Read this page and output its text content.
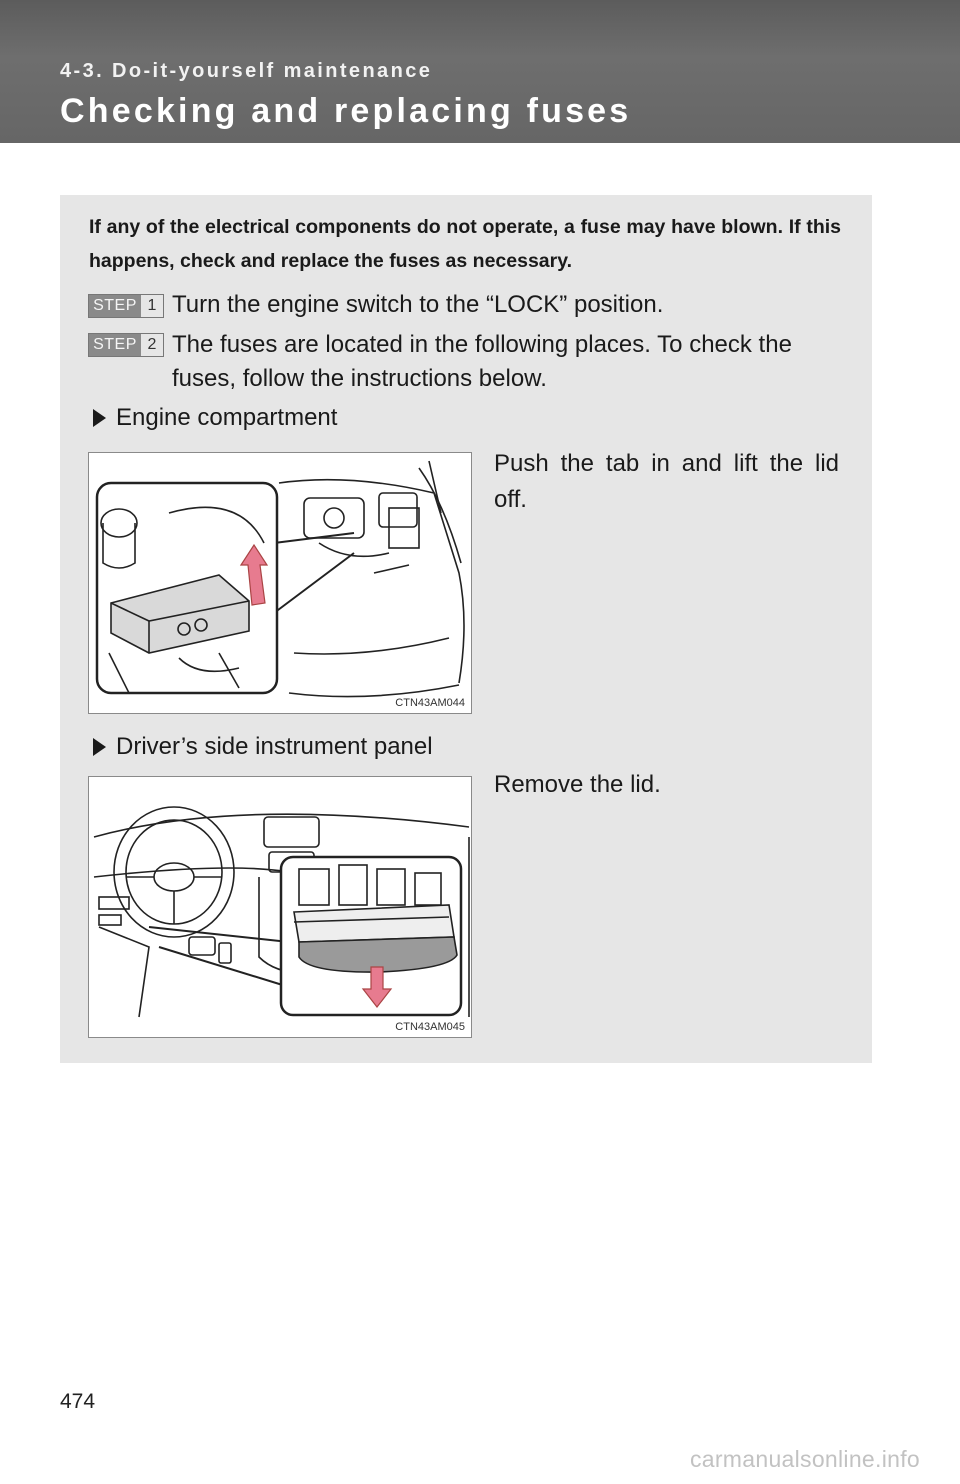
4-3. Do-it-yourself maintenance
Checking and replacing fuses

If any of the electrical components do not operate, a fuse may have blown. If this happens, check and replace the fuses as necessary.

STEP 1 Turn the engine switch to the “LOCK” position.

STEP 2 The fuses are located in the following places. To check the

fuses, follow the instructions below.

Engine compartment
CTN43AM044

Push the tab in and lift the lid off.

Driver’s side instrument panel
CTN43AM045

Remove the lid.

474
carmanualsonline.info
